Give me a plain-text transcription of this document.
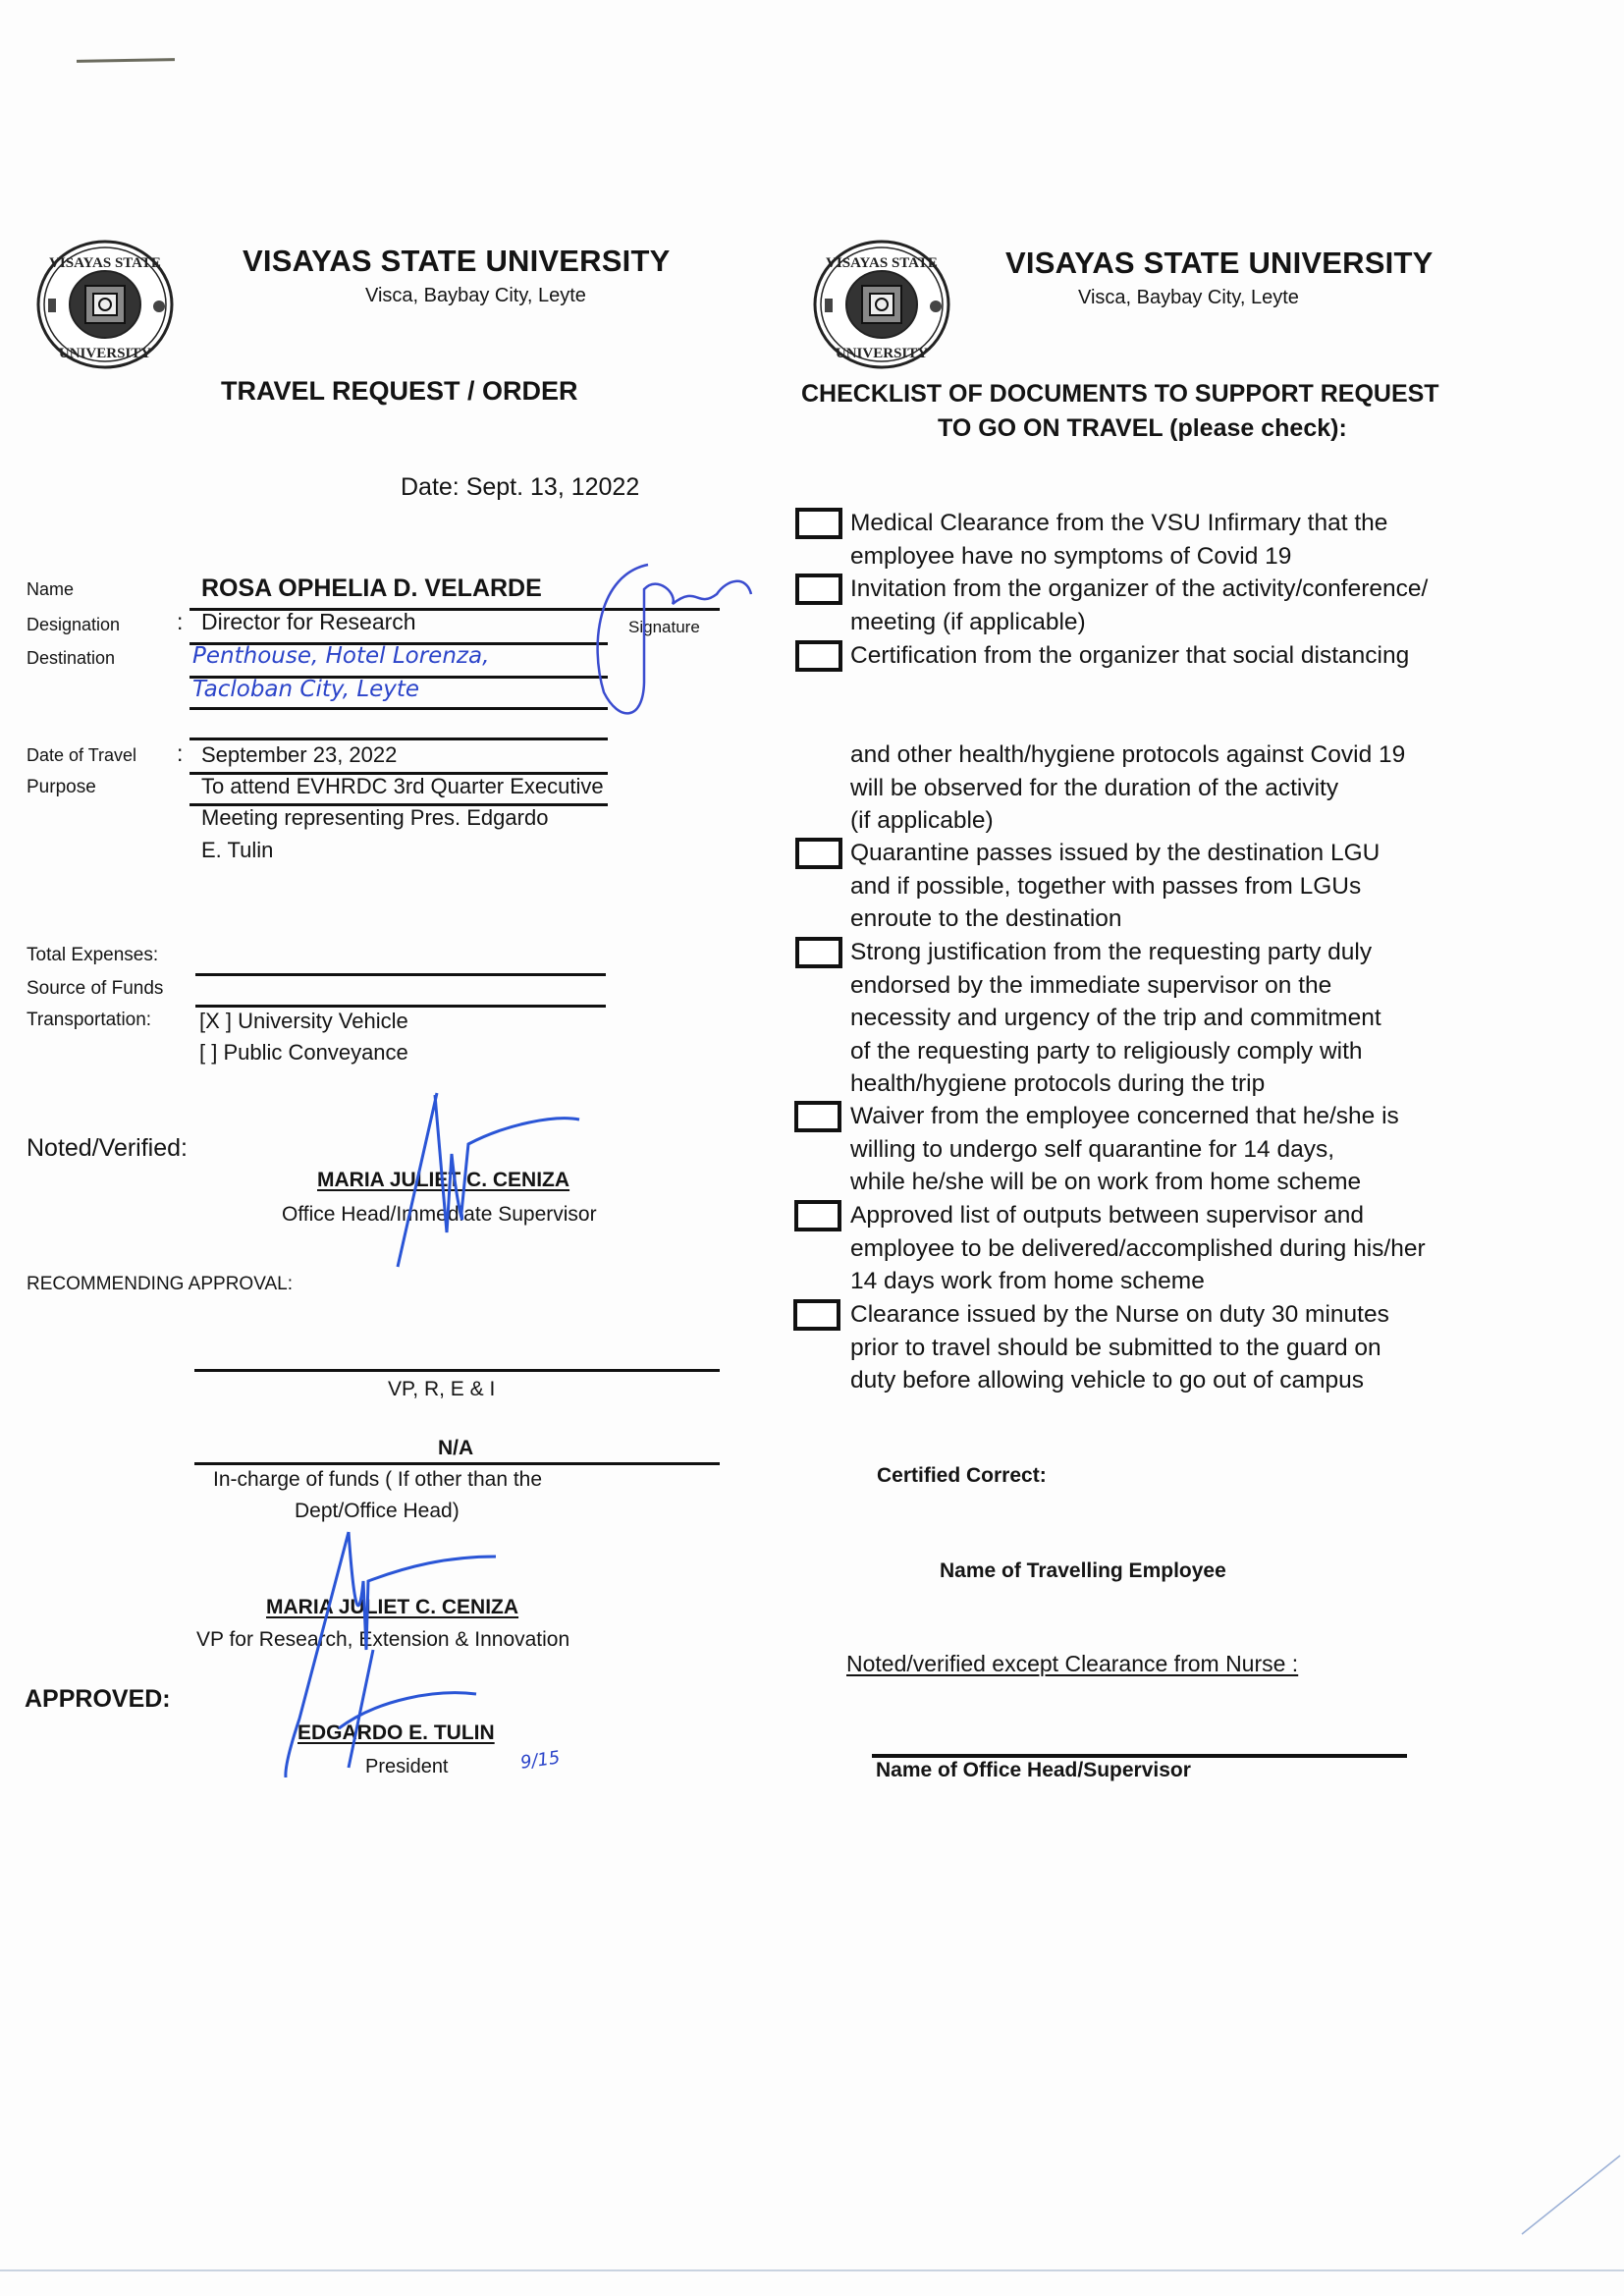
VISAYAS STATE
UNIVERSITY
VISAYAS STATE UNIVERSITY
Visca, Baybay City, Leyte
TRAVEL REQUEST / ORDER
Date: Sept. 13, 12022
Name	ROSA OPHELIA D. VELARDE
Signature
Designation	: Director for Research
Destination	Penthouse, Hotel Lorenza,
Tacloban City, Leyte
Date of Travel : September 23, 2022
Purpose	To attend EVHRDC 3rd Quarter Executive
Meeting representing Pres. Edgardo
E. Tulin
Total Expenses:
Source of Funds
Transportation: [X ] University Vehicle
[ ] Public Conveyance
Noted/Verified:
MARIA JULIET C. CENIZA
Office Head/Immediate Supervisor
RECOMMENDING APPROVAL:
VP, R, E & I
N/A
In-charge of funds ( If other than the
Dept/Office Head)
MARIA JULIET C. CENIZA
VP for Research, Extension & Innovation
APPROVED:
EDGARDO E. TULIN
President	9/15
VISAYAS STATE
UNIVERSITY
VISAYAS STATE UNIVERSITY
Visca, Baybay City, Leyte
CHECKLIST OF DOCUMENTS TO SUPPORT REQUEST
TO GO ON TRAVEL (please check):
Medical Clearance from the VSU Infirmary that the
employee have no symptoms of Covid 19
Invitation from the organizer of the activity/conference/
meeting (if applicable)
Certification from the organizer that social distancing
and other health/hygiene protocols against Covid 19
will be observed for the duration of the activity
(if applicable)
Quarantine passes issued by the destination LGU
and if possible, together with passes from LGUs
enroute to the destination
Strong justification from the requesting party duly
endorsed by the immediate supervisor on the
necessity and urgency of the trip and commitment
of the requesting party to religiously comply with
health/hygiene protocols during the trip
Waiver from the employee concerned that he/she is
willing to undergo self quarantine for 14 days,
while he/she will be on work from home scheme
Approved list of outputs between supervisor and
employee to be delivered/accomplished during his/her
14 days work from home scheme
Clearance issued by the Nurse on duty 30 minutes
prior to travel should be submitted to the guard on
duty before allowing vehicle to go out of campus
Certified Correct:
Name of Travelling Employee
Noted/verified except Clearance from Nurse :
Name of Office Head/Supervisor
